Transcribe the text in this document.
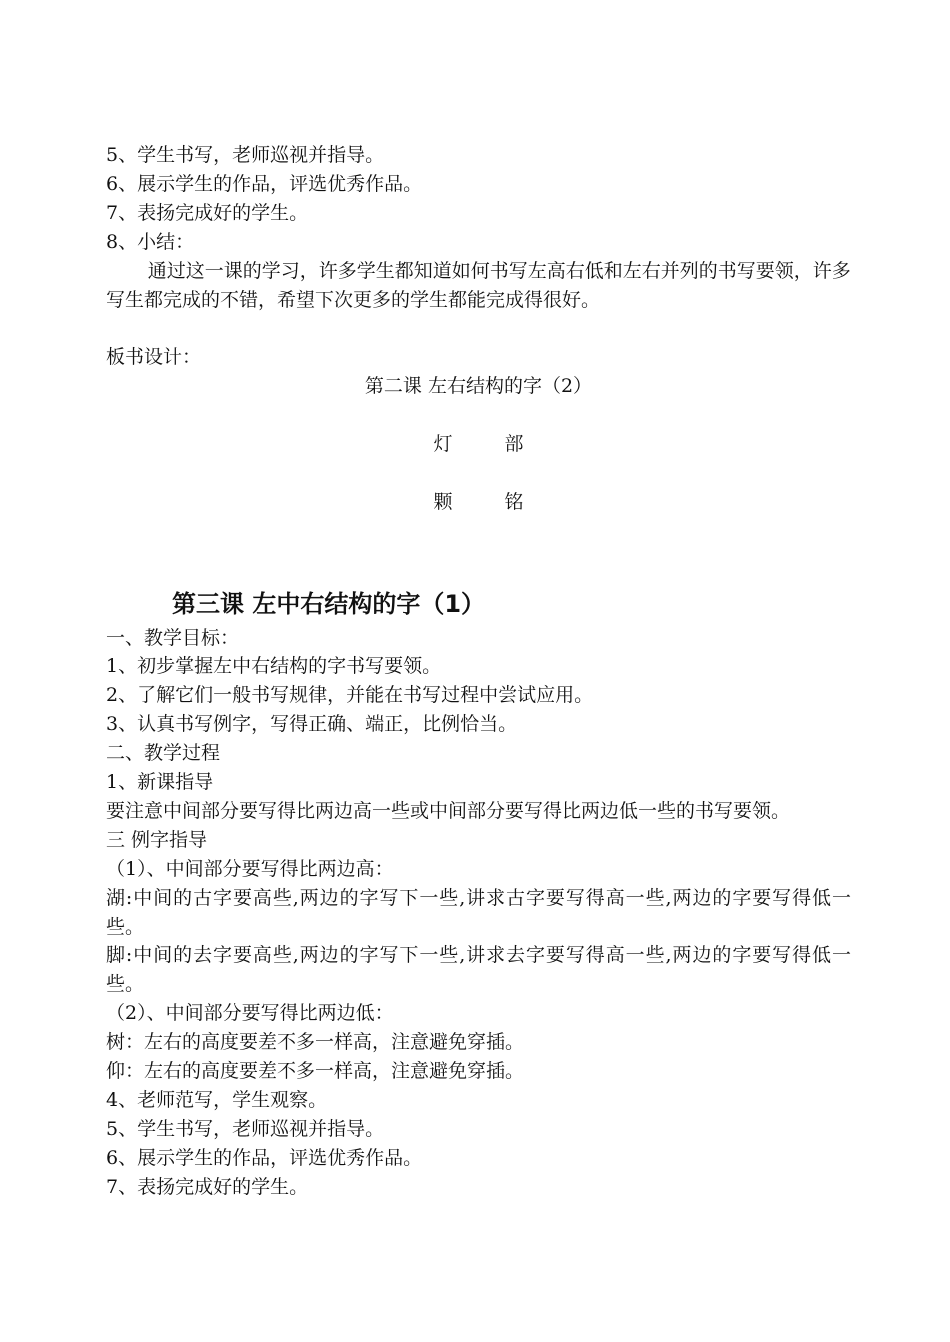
5、学生书写，老师巡视并指导。
6、展示学生的作品，评选优秀作品。
7、表扬完成好的学生。
8、小结：
通过这一课的学习，许多学生都知道如何书写左高右低和左右并列的书写要领，许多写生都完成的不错，希望下次更多的学生都能完成得很好。
板书设计：
第二课 左右结构的字（2）
灯	部
颗	铭
第三课 左中右结构的字（1）
一、教学目标：
1、初步掌握左中右结构的字书写要领。
2、了解它们一般书写规律，并能在书写过程中尝试应用。
3、认真书写例字，写得正确、端正，比例恰当。
二、教学过程
1、新课指导
要注意中间部分要写得比两边高一些或中间部分要写得比两边低一些的书写要领。
三 例字指导
（1）、中间部分要写得比两边高：
湖:中间的古字要高些,两边的字写下一些,讲求古字要写得高一些,两边的字要写得低一些。
脚:中间的去字要高些,两边的字写下一些,讲求去字要写得高一些,两边的字要写得低一些。
（2）、中间部分要写得比两边低：
树：左右的高度要差不多一样高，注意避免穿插。
仰：左右的高度要差不多一样高，注意避免穿插。
4、老师范写，学生观察。
5、学生书写，老师巡视并指导。
6、展示学生的作品，评选优秀作品。
7、表扬完成好的学生。
